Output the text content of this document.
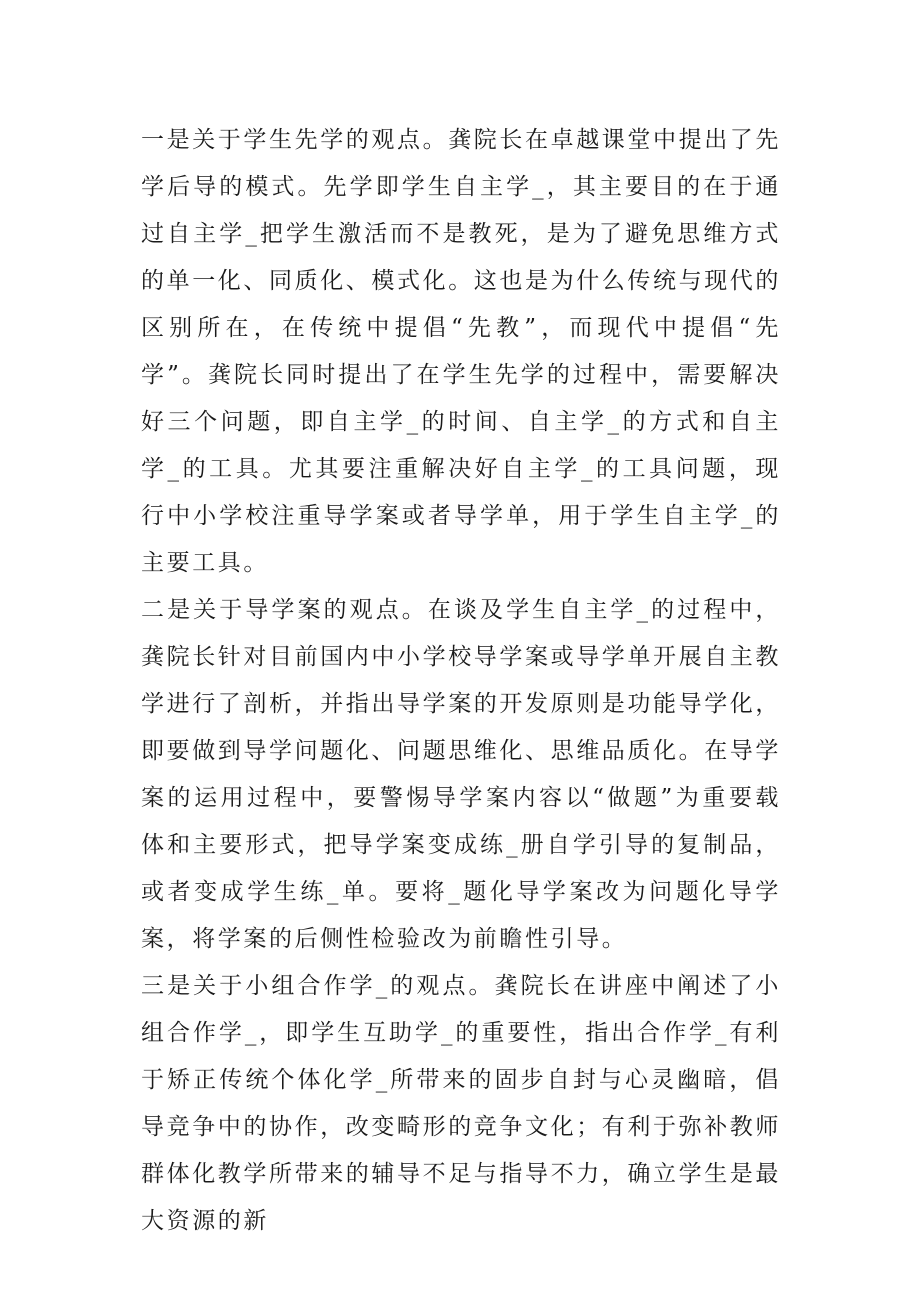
一是关于学生先学的观点。龚院长在卓越课堂中提出了先学后导的模式。先学即学生自主学_，其主要目的在于通过自主学_把学生激活而不是教死，是为了避免思维方式的单一化、同质化、模式化。这也是为什么传统与现代的区别所在，在传统中提倡“先教”，而现代中提倡“先学”。龚院长同时提出了在学生先学的过程中，需要解决好三个问题，即自主学_的时间、自主学_的方式和自主学_的工具。尤其要注重解决好自主学_的工具问题，现行中小学校注重导学案或者导学单，用于学生自主学_的主要工具。

二是关于导学案的观点。在谈及学生自主学_的过程中，龚院长针对目前国内中小学校导学案或导学单开展自主教学进行了剖析，并指出导学案的开发原则是功能导学化，即要做到导学问题化、问题思维化、思维品质化。在导学案的运用过程中，要警惕导学案内容以“做题”为重要载体和主要形式，把导学案变成练_册自学引导的复制品，或者变成学生练_单。要将_题化导学案改为问题化导学案，将学案的后侧性检验改为前瞻性引导。

三是关于小组合作学_的观点。龚院长在讲座中阐述了小组合作学_，即学生互助学_的重要性，指出合作学_有利于矫正传统个体化学_所带来的固步自封与心灵幽暗，倡导竞争中的协作，改变畸形的竞争文化；有利于弥补教师群体化教学所带来的辅导不足与指导不力，确立学生是最大资源的新
